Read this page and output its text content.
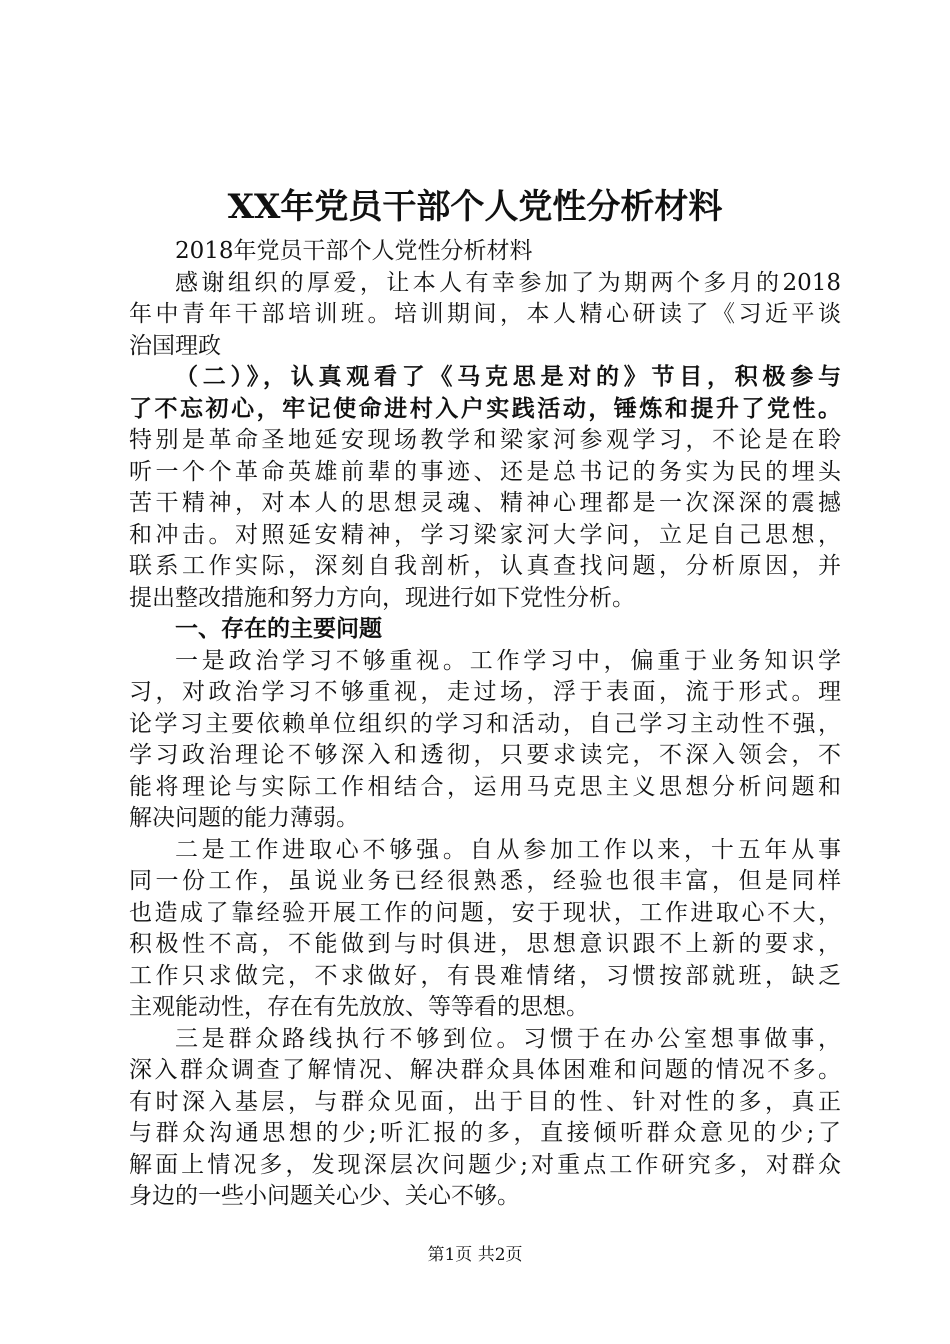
XX年党员干部个人党性分析材料
2018年党员干部个人党性分析材料
感谢组织的厚爱，让本人有幸参加了为期两个多月的2018
年中青年干部培训班。培训期间，本人精心研读了《习近平谈
治国理政
（二）》，认真观看了《马克思是对的》节目，积极参与
了不忘初心，牢记使命进村入户实践活动，锤炼和提升了党性。
特别是革命圣地延安现场教学和梁家河参观学习，不论是在聆
听一个个革命英雄前辈的事迹、还是总书记的务实为民的埋头
苦干精神，对本人的思想灵魂、精神心理都是一次深深的震撼
和冲击。对照延安精神，学习梁家河大学问，立足自己思想，
联系工作实际，深刻自我剖析，认真查找问题，分析原因，并
提出整改措施和努力方向，现进行如下党性分析。
一、存在的主要问题
一是政治学习不够重视。工作学习中，偏重于业务知识学
习，对政治学习不够重视，走过场，浮于表面，流于形式。理
论学习主要依赖单位组织的学习和活动，自己学习主动性不强，
学习政治理论不够深入和透彻，只要求读完，不深入领会，不
能将理论与实际工作相结合，运用马克思主义思想分析问题和
解决问题的能力薄弱。
二是工作进取心不够强。自从参加工作以来，十五年从事
同一份工作，虽说业务已经很熟悉，经验也很丰富，但是同样
也造成了靠经验开展工作的问题，安于现状，工作进取心不大，
积极性不高，不能做到与时俱进，思想意识跟不上新的要求，
工作只求做完，不求做好，有畏难情绪，习惯按部就班，缺乏
主观能动性，存在有先放放、等等看的思想。
三是群众路线执行不够到位。习惯于在办公室想事做事，
深入群众调查了解情况、解决群众具体困难和问题的情况不多。
有时深入基层，与群众见面，出于目的性、针对性的多，真正
与群众沟通思想的少;听汇报的多，直接倾听群众意见的少;了
解面上情况多，发现深层次问题少;对重点工作研究多，对群众
身边的一些小问题关心少、关心不够。
第1页 共2页
